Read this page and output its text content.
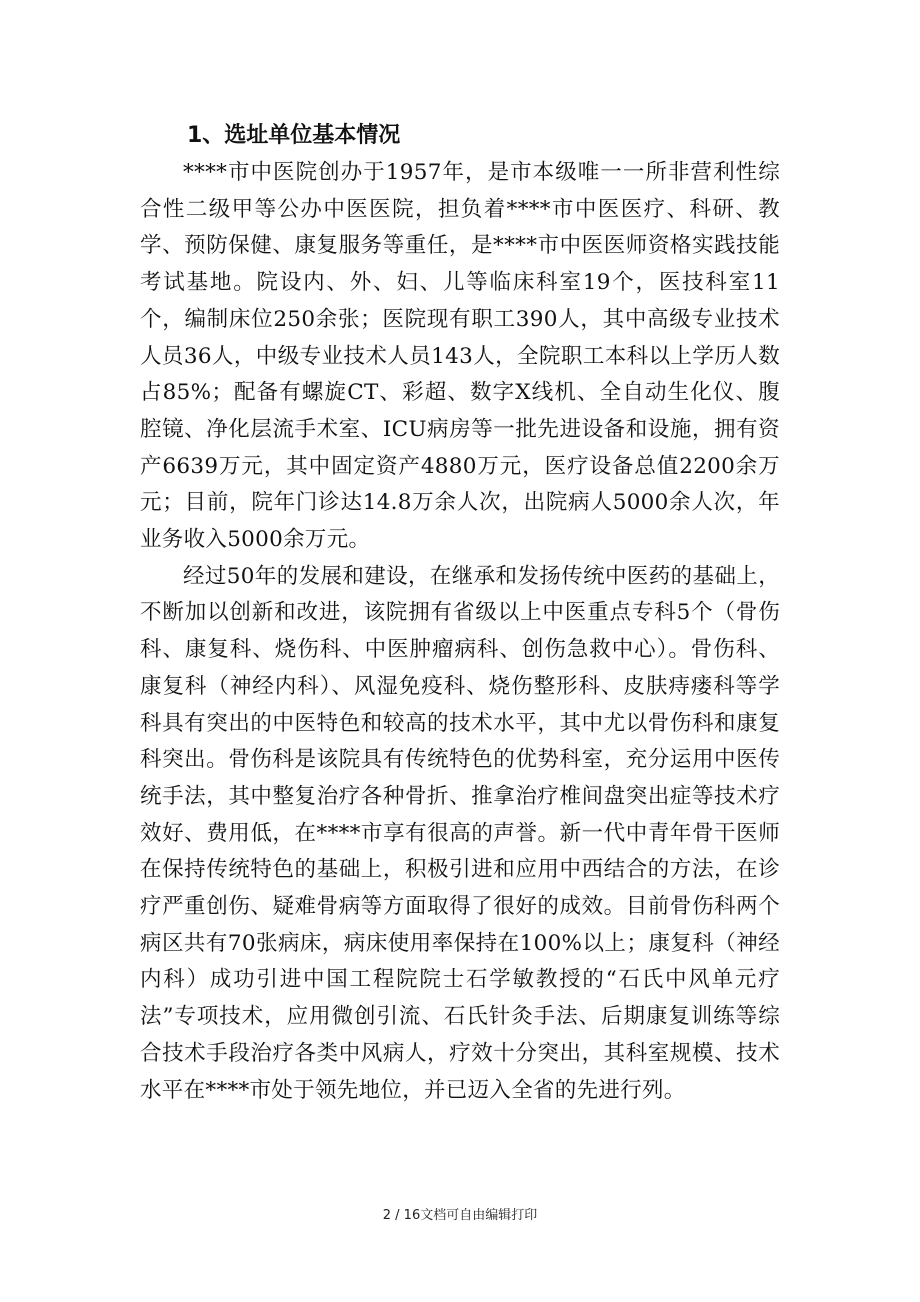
1、选址单位基本情况

****市中医院创办于1957年，是市本级唯一一所非营利性综合性二级甲等公办中医医院，担负着****市中医医疗、科研、教学、预防保健、康复服务等重任，是****市中医医师资格实践技能考试基地。院设内、外、妇、儿等临床科室19个，医技科室11个，编制床位250余张；医院现有职工390人，其中高级专业技术人员36人，中级专业技术人员143人，全院职工本科以上学历人数占85%；配备有螺旋CT、彩超、数字X线机、全自动生化仪、腹腔镜、净化层流手术室、ICU病房等一批先进设备和设施，拥有资产6639万元，其中固定资产4880万元，医疗设备总值2200余万元；目前，院年门诊达14.8万余人次，出院病人5000余人次，年业务收入5000余万元。

经过50年的发展和建设，在继承和发扬传统中医药的基础上，不断加以创新和改进，该院拥有省级以上中医重点专科5个（骨伤科、康复科、烧伤科、中医肿瘤病科、创伤急救中心）。骨伤科、康复科（神经内科）、风湿免疫科、烧伤整形科、皮肤痔瘘科等学科具有突出的中医特色和较高的技术水平，其中尤以骨伤科和康复科突出。骨伤科是该院具有传统特色的优势科室，充分运用中医传统手法，其中整复治疗各种骨折、推拿治疗椎间盘突出症等技术疗效好、费用低，在****市享有很高的声誉。新一代中青年骨干医师在保持传统特色的基础上，积极引进和应用中西结合的方法，在诊疗严重创伤、疑难骨病等方面取得了很好的成效。目前骨伤科两个病区共有70张病床，病床使用率保持在100%以上；康复科（神经内科）成功引进中国工程院院士石学敏教授的“石氏中风单元疗法”专项技术，应用微创引流、石氏针灸手法、后期康复训练等综合技术手段治疗各类中风病人，疗效十分突出，其科室规模、技术水平在****市处于领先地位，并已迈入全省的先进行列。

2 / 16文档可自由编辑打印
